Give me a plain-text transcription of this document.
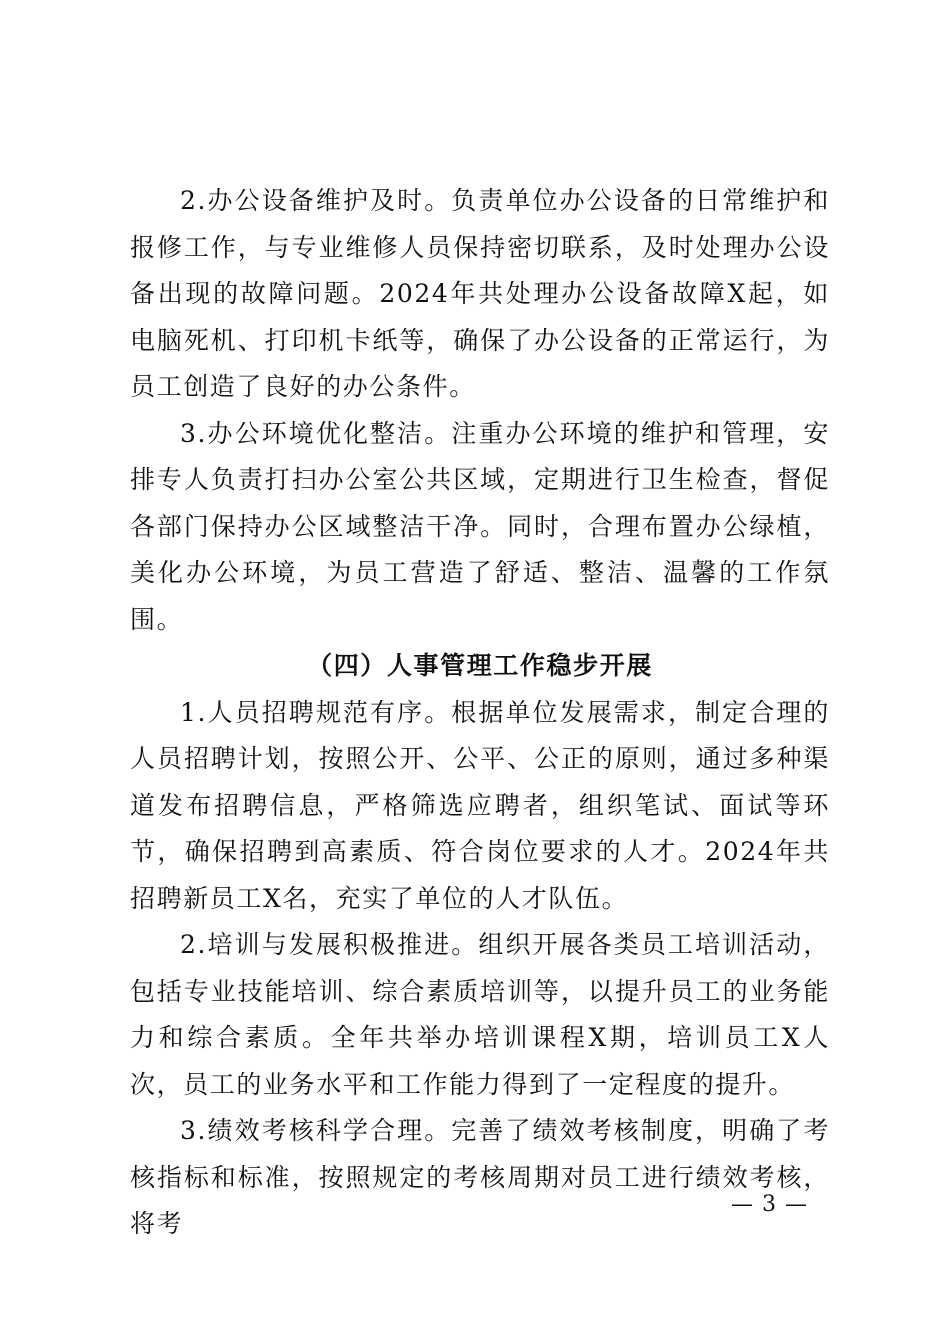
2.办公设备维护及时。负责单位办公设备的日常维护和报修工作，与专业维修人员保持密切联系，及时处理办公设备出现的故障问题。2024年共处理办公设备故障X起，如电脑死机、打印机卡纸等，确保了办公设备的正常运行，为员工创造了良好的办公条件。

3.办公环境优化整洁。注重办公环境的维护和管理，安排专人负责打扫办公室公共区域，定期进行卫生检查，督促各部门保持办公区域整洁干净。同时，合理布置办公绿植，美化办公环境，为员工营造了舒适、整洁、温馨的工作氛围。

（四）人事管理工作稳步开展

1.人员招聘规范有序。根据单位发展需求，制定合理的人员招聘计划，按照公开、公平、公正的原则，通过多种渠道发布招聘信息，严格筛选应聘者，组织笔试、面试等环节，确保招聘到高素质、符合岗位要求的人才。2024年共招聘新员工X名，充实了单位的人才队伍。

2.培训与发展积极推进。组织开展各类员工培训活动，包括专业技能培训、综合素质培训等，以提升员工的业务能力和综合素质。全年共举办培训课程X期，培训员工X人次，员工的业务水平和工作能力得到了一定程度的提升。

3.绩效考核科学合理。完善了绩效考核制度，明确了考核指标和标准，按照规定的考核周期对员工进行绩效考核，将考

— 3 —
